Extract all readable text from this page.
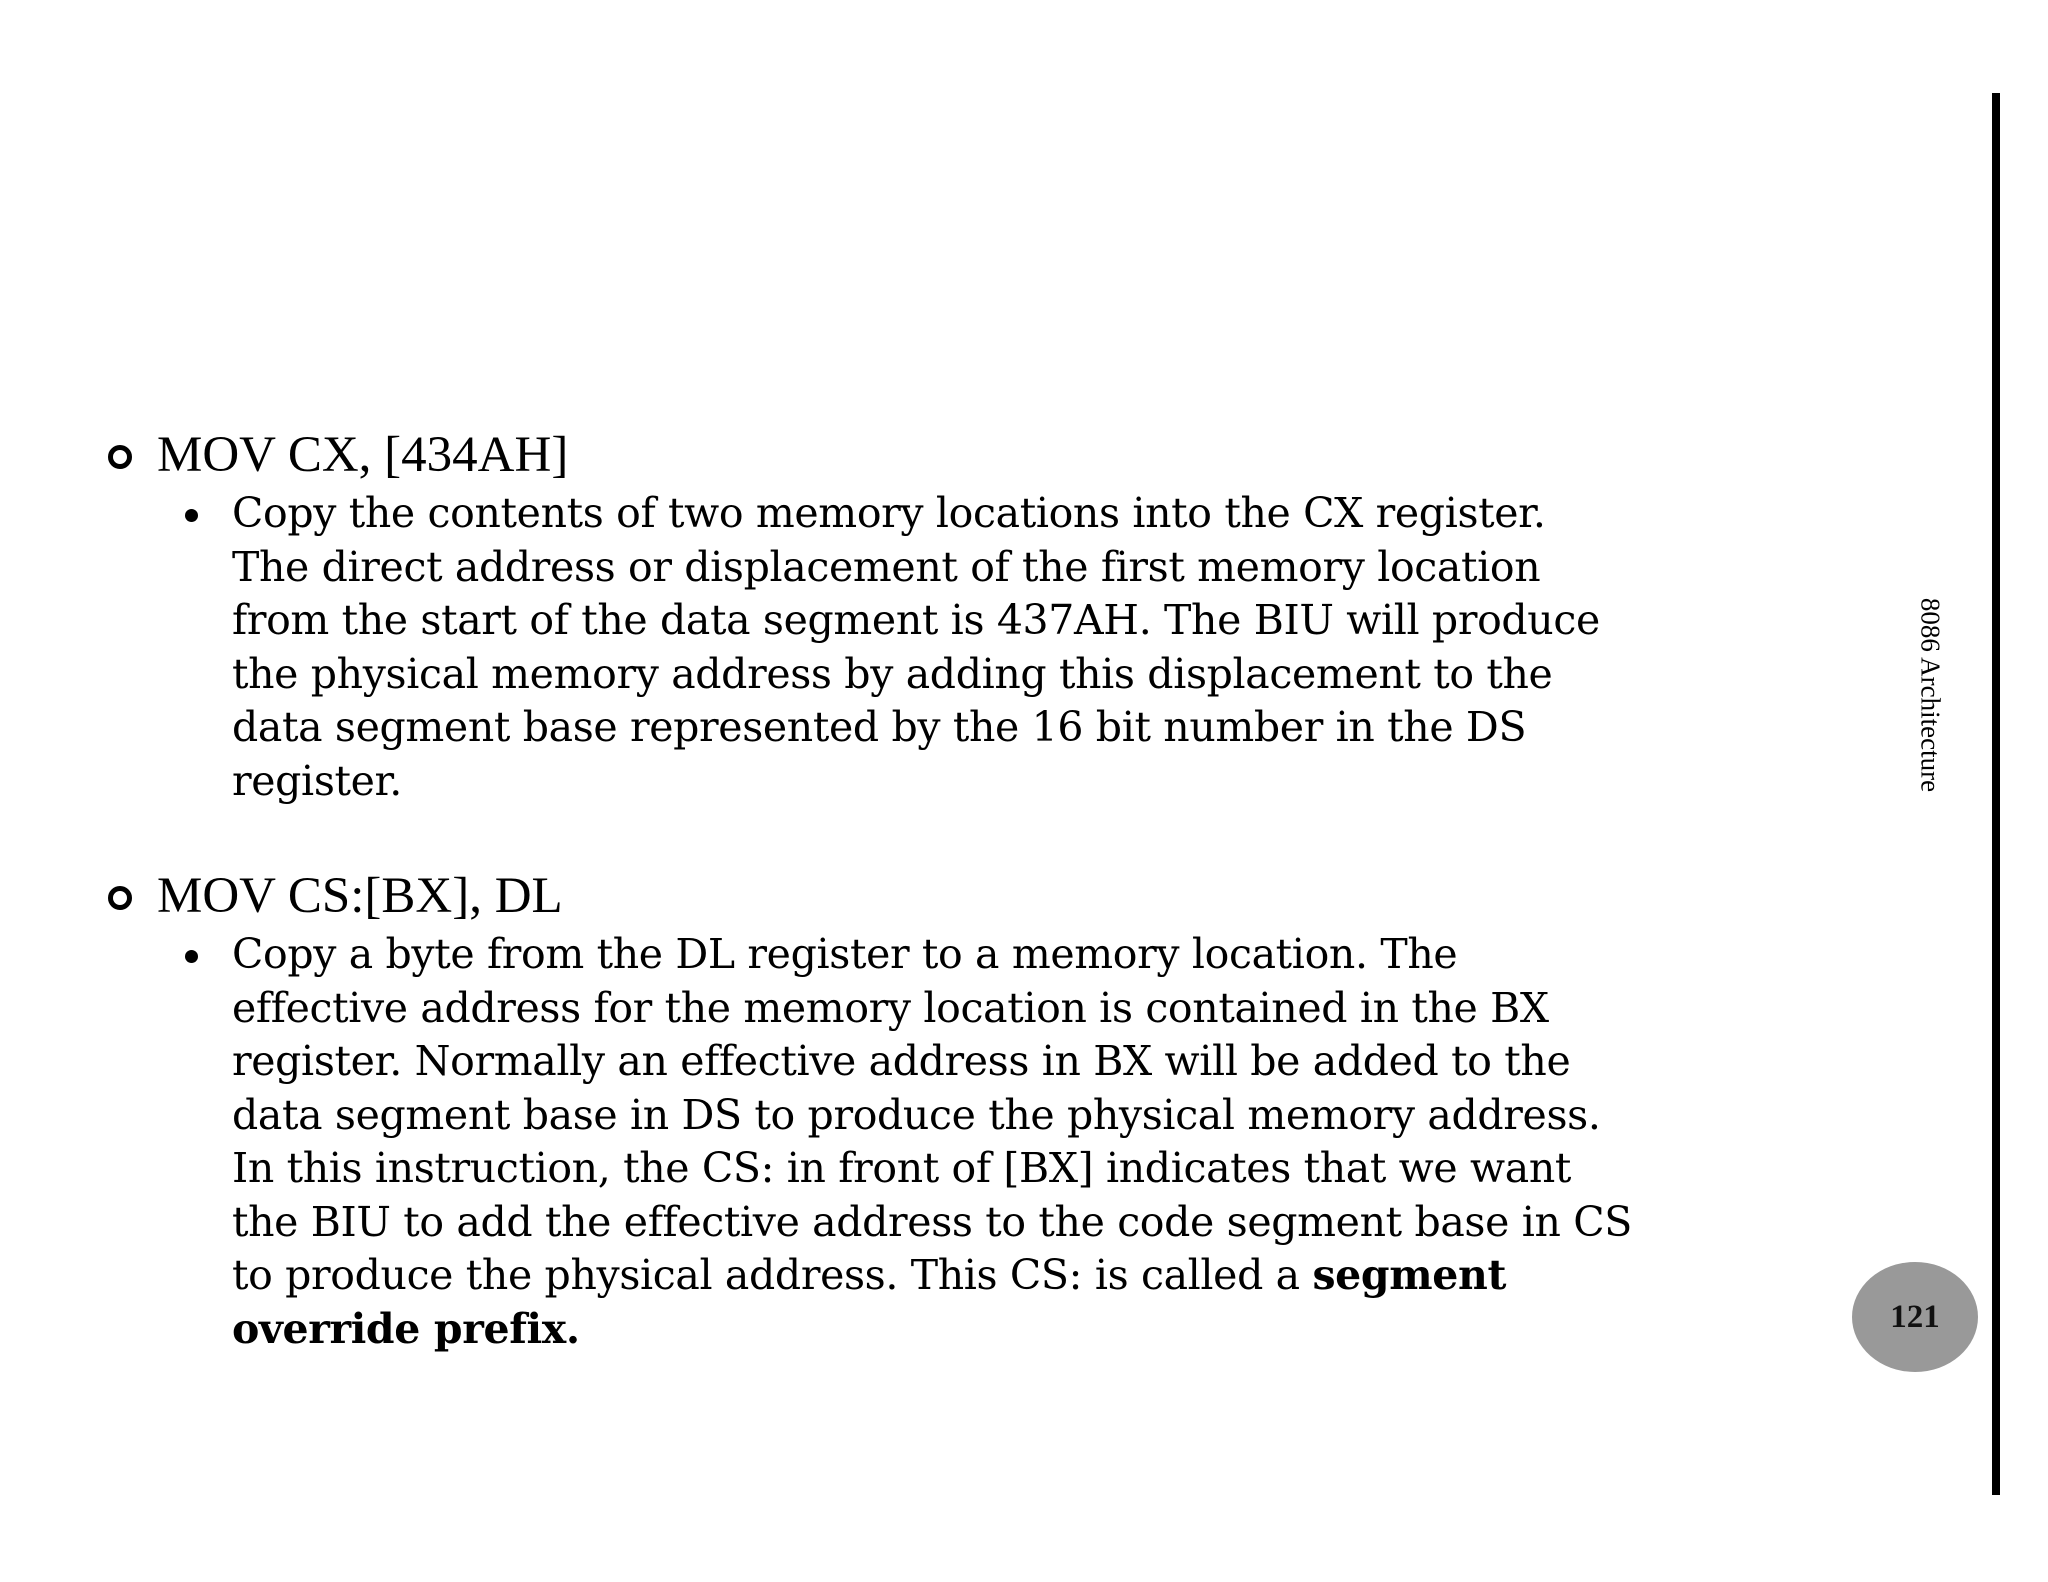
MOV CX, [434AH]
Copy the contents of two memory locations into the CX register.
The direct address or displacement of the first memory location
from the start of the data segment is 437AH. The BIU will produce
the physical memory address by adding this displacement to the
data segment base represented by the 16 bit number in the DS
register.
MOV CS:[BX], DL
Copy a byte from the DL register to a memory location. The
effective address for the memory location is contained in the BX
register. Normally an effective address in BX will be added to the
data segment base in DS to produce the physical memory address.
In this instruction, the CS: in front of [BX] indicates that we want
the BIU to add the effective address to the code segment base in CS
to produce the physical address. This CS: is called a segment
override prefix.
8086 Architecture
121
